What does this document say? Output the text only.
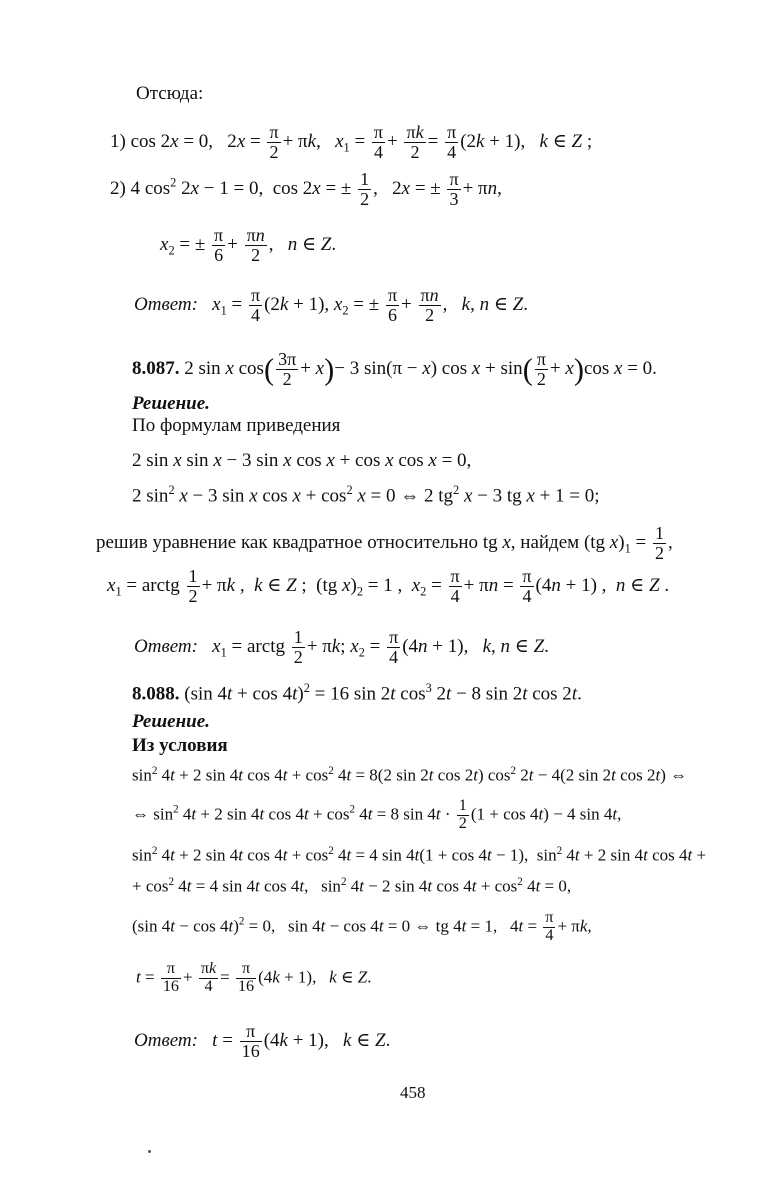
Отсюда:
1) cos 2x = 0,   $2x = \frac{\pi}{2} + \pi k$,   $x_1 = \frac{\pi}{4} + \frac{\pi k}{2} = \frac{\pi}{4} (2k + 1)$,   k ∈ Z ;
2) 4 $\cos^2 2x - 1 = 0$,  cos 2x = ± $\frac{1}{2}$ ,   2x = ± $\frac{\pi}{3} + \pi n$,
$x_2$ = ± $\frac{\pi}{6} + \frac{\pi n}{2}$ ,   n ∈ Z.
Ответ: $x_1 = \frac{\pi}{4} (2k + 1)$, $x_2$ = ± $\frac{\pi}{6} + \frac{\pi n}{2}$ ,   k, n ∈ Z.
8.087. 2 sin x $\cos( \frac{3\pi}{2} + x)- 3$ sin(π − x) $\cos x + \sin( \frac{\pi}{2} + x)\cos$ x = 0.
Решение.
По формулам приведения
2 sin x sin x − 3 sin x cos x + cos x cos x = 0,
2 $\sin^2 x - 3$ sin x $\cos x + \cos^2 x = 0$ ⇔ 2 $tg^2$ x − 3 tg x + 1 = 0;
решив уравнение как квадратное относительно tg x, найдем (tg $x)_1 = \frac{1}{2}$ ,
$x_1$ = arctg $\frac{1}{2} + \pi k$ ,  k ∈ Z ;  (tg $x)_2 = 1$ ,  $x_2 = \frac{\pi}{4} + \pi n = \frac{\pi}{4} (4n + 1)$ ,  n ∈ Z .
Ответ: $x_1$ = arctg $\frac{1}{2} + \pi k$; $x_2 = \frac{\pi}{4} (4n + 1)$,   k, n ∈ Z.
8.088. (sin 4t + cos 4t)$^2$ = 16 sin 2t $\cos^3 2t - 8$ sin 2t cos 2t.
Решение.
Из условия
$\sin^2 4t + 2$ sin 4t $\cos 4t + \cos^2 4t = 8(2$ sin 2t cos 2t) $\cos^2 2t - 4(2$ sin 2t cos 2t) ⇔
⇔ $\sin^2 4t + 2$ sin 4t $\cos 4t + \cos^2 4t = 8$ $\sin 4t \cdot \frac{1}{2} (1 + \cos 4t) - 4$ sin 4t,
$\sin^2 4t + 2$ sin 4t $\cos 4t + \cos^2 4t = 4$ sin 4t(1 + cos 4t − 1),  $\sin^2 4t + 2$ sin 4t cos 4t +
+ $\cos^2 4t = 4$ sin 4t cos 4t,   $\sin^2 4t - 2$ sin 4t $\cos 4t + \cos^2 4t = 0$,
(sin 4t − cos 4t)$^2$ = 0,   sin 4t − cos 4t = 0 ⇔ tg 4t = 1,   $4t = \frac{\pi}{4} + \pi k$,
$t = \frac{\pi}{16} + \frac{\pi k}{4} = \frac{\pi}{16} (4k + 1)$,   k ∈ Z.
Ответ: $t = \frac{\pi}{16} (4k + 1)$,   k ∈ Z.
458
